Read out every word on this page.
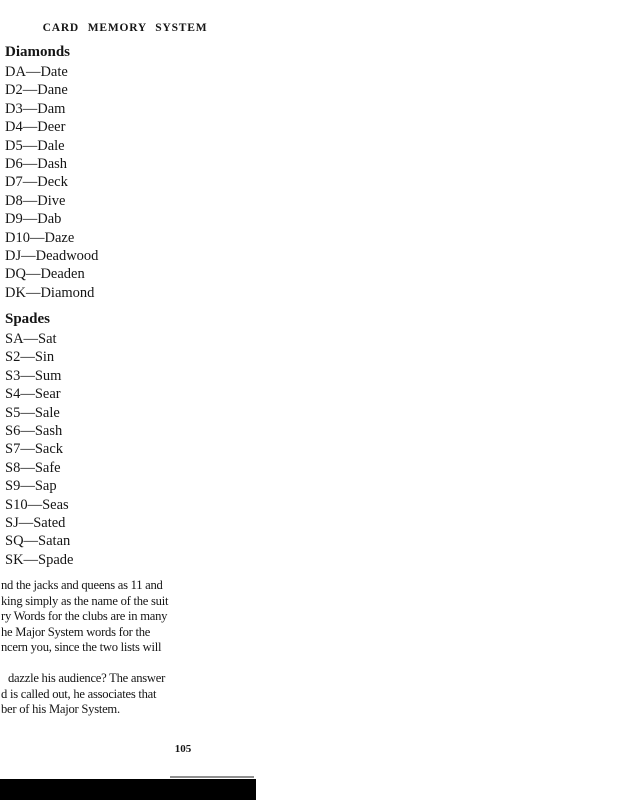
CARD MEMORY SYSTEM
Diamonds
DA—Date
D2—Dane
D3—Dam
D4—Deer
D5—Dale
D6—Dash
D7—Deck
D8—Dive
D9—Dab
D10—Daze
DJ—Deadwood
DQ—Deaden
DK—Diamond
Spades
SA—Sat
S2—Sin
S3—Sum
S4—Sear
S5—Sale
S6—Sash
S7—Sack
S8—Safe
S9—Sap
S10—Seas
SJ—Sated
SQ—Satan
SK—Spade
nd the jacks and queens as 11 and
king simply as the name of the suit
ry Words for the clubs are in many
he Major System words for the
ncern you, since the two lists will
dazzle his audience? The answer
d is called out, he associates that
ber of his Major System.
105
